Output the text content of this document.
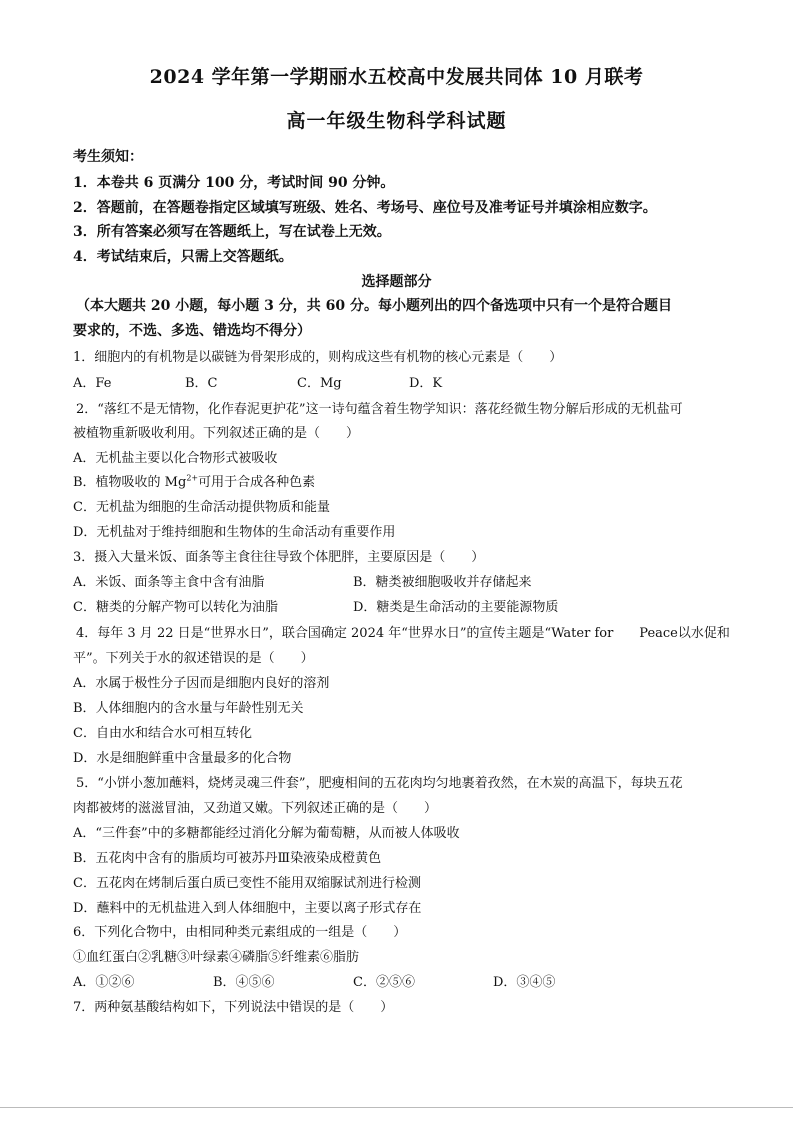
2024 学年第一学期丽水五校高中发展共同体 10 月联考
高一年级生物科学科试题
考生须知：
1．本卷共 6 页满分 100 分，考试时间 90 分钟。
2．答题前，在答题卷指定区域填写班级、姓名、考场号、座位号及准考证号并填涂相应数字。
3．所有答案必须写在答题纸上，写在试卷上无效。
4．考试结束后，只需上交答题纸。
选择题部分
（本大题共 20 小题，每小题 3 分，共 60 分。每小题列出的四个备选项中只有一个是符合题目
要求的，不选、多选、错选均不得分）
1．细胞内的有机物是以碳链为骨架形成的，则构成这些有机物的核心元素是（　　）
A．Fe	B．C	C．Mg	D．K
2．“落红不是无情物，化作春泥更护花”这一诗句蕴含着生物学知识：落花经微生物分解后形成的无机盐可
被植物重新吸收利用。下列叙述正确的是（　　）
A．无机盐主要以化合物形式被吸收
B．植物吸收的 $Mg^{2+}$可用于合成各种色素
C．无机盐为细胞的生命活动提供物质和能量
D．无机盐对于维持细胞和生物体的生命活动有重要作用
3．摄入大量米饭、面条等主食往往导致个体肥胖，主要原因是（　　）
A．米饭、面条等主食中含有油脂	B．糖类被细胞吸收并存储起来
C．糖类的分解产物可以转化为油脂	D．糖类是生命活动的主要能源物质
4．每年 3 月 22 日是“世界水日”，联合国确定 2024 年“世界水日”的宣传主题是“Water for　　Peace以水促和
平”。下列关于水的叙述错误的是（　　）
A．水属于极性分子因而是细胞内良好的溶剂
B．人体细胞内的含水量与年龄性别无关
C．自由水和结合水可相互转化
D．水是细胞鲜重中含量最多的化合物
5．“小饼小葱加蘸料，烧烤灵魂三件套”，肥瘦相间的五花肉均匀地裹着孜然，在木炭的高温下，每块五花
肉都被烤的滋滋冒油，又劲道又嫩。下列叙述正确的是（　　）
A．“三件套”中的多糖都能经过消化分解为葡萄糖，从而被人体吸收
B．五花肉中含有的脂质均可被苏丹Ⅲ染液染成橙黄色
C．五花肉在烤制后蛋白质已变性不能用双缩脲试剂进行检测
D．蘸料中的无机盐进入到人体细胞中，主要以离子形式存在
6．下列化合物中，由相同种类元素组成的一组是（　　）
①血红蛋白②乳糖③叶绿素④磷脂⑤纤维素⑥脂肪
A．①②⑥	B．④⑤⑥	C．②⑤⑥	D．③④⑤
7．两种氨基酸结构如下，下列说法中错误的是（　　）
